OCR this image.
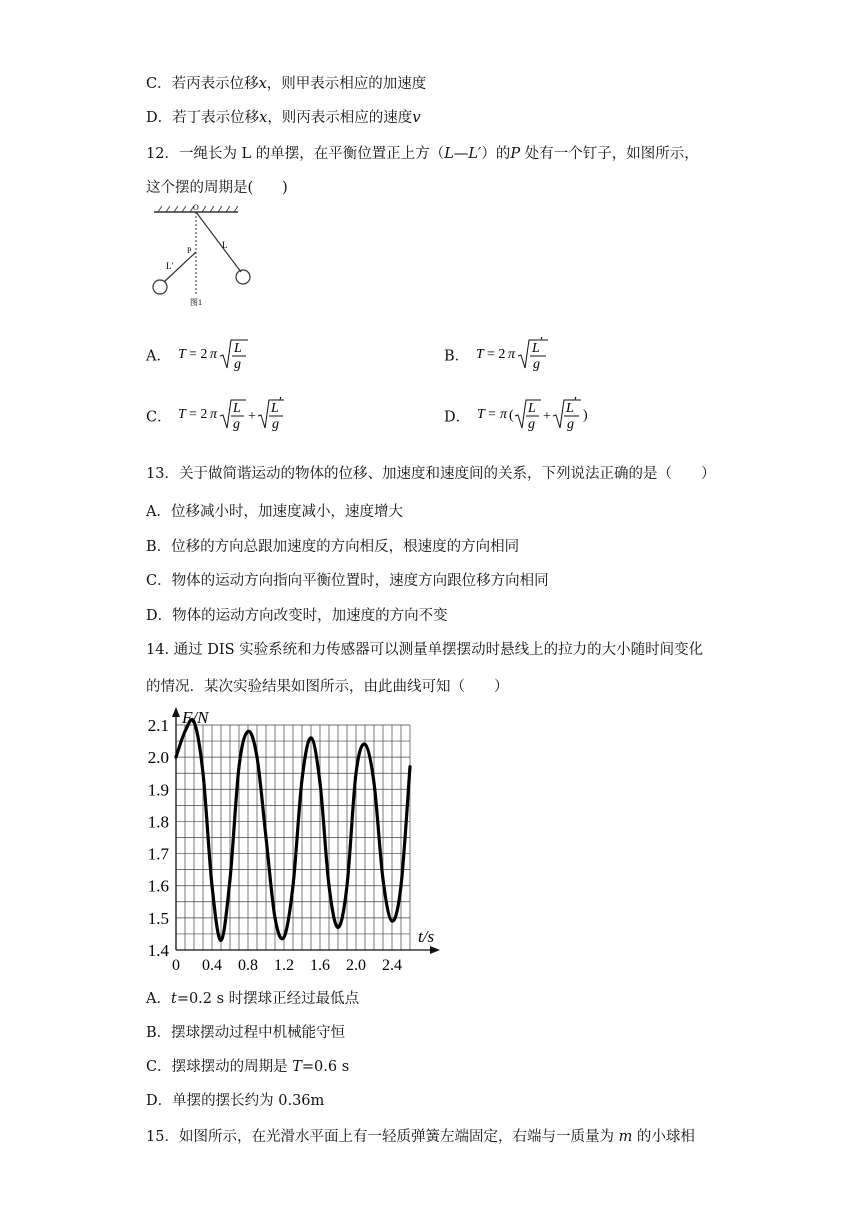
C．若丙表示位移x，则甲表示相应的加速度
D．若丁表示位移x，则丙表示相应的速度v
12．一绳长为 L 的单摆，在平衡位置正上方（L—L′）的P 处有一个钉子，如图所示，
这个摆的周期是(　　)
O
P
L
L′
图1
A． T = 2 π L
g	B． T = 2 π L ′
g
C． T = 2 π L
g
+
L ′
g	D． T = π ( L
g
+
L ′
g
)
13．关于做简谐运动的物体的位移、加速度和速度间的关系，下列说法正确的是（　　）
A．位移减小时，加速度减小，速度增大
B．位移的方向总跟加速度的方向相反，根速度的方向相同
C．物体的运动方向指向平衡位置时，速度方向跟位移方向相同
D．物体的运动方向改变时，加速度的方向不变
14. 通过 DIS 实验系统和力传感器可以测量单摆摆动时悬线上的拉力的大小随时间变化
的情况．某次实验结果如图所示，由此曲线可知（　　）
1.4
1.5
1.6
1.7
1.8
1.9
2.0
2.1
0 0.4 0.8 1.2 1.6 2.0 2.4
F/N
t/s
A．t=0.2 s 时摆球正经过最低点
B．摆球摆动过程中机械能守恒
C．摆球摆动的周期是 T=0.6 s
D．单摆的摆长约为 0.36m
15．如图所示，在光滑水平面上有一轻质弹簧左端固定，右端与一质量为 m 的小球相
